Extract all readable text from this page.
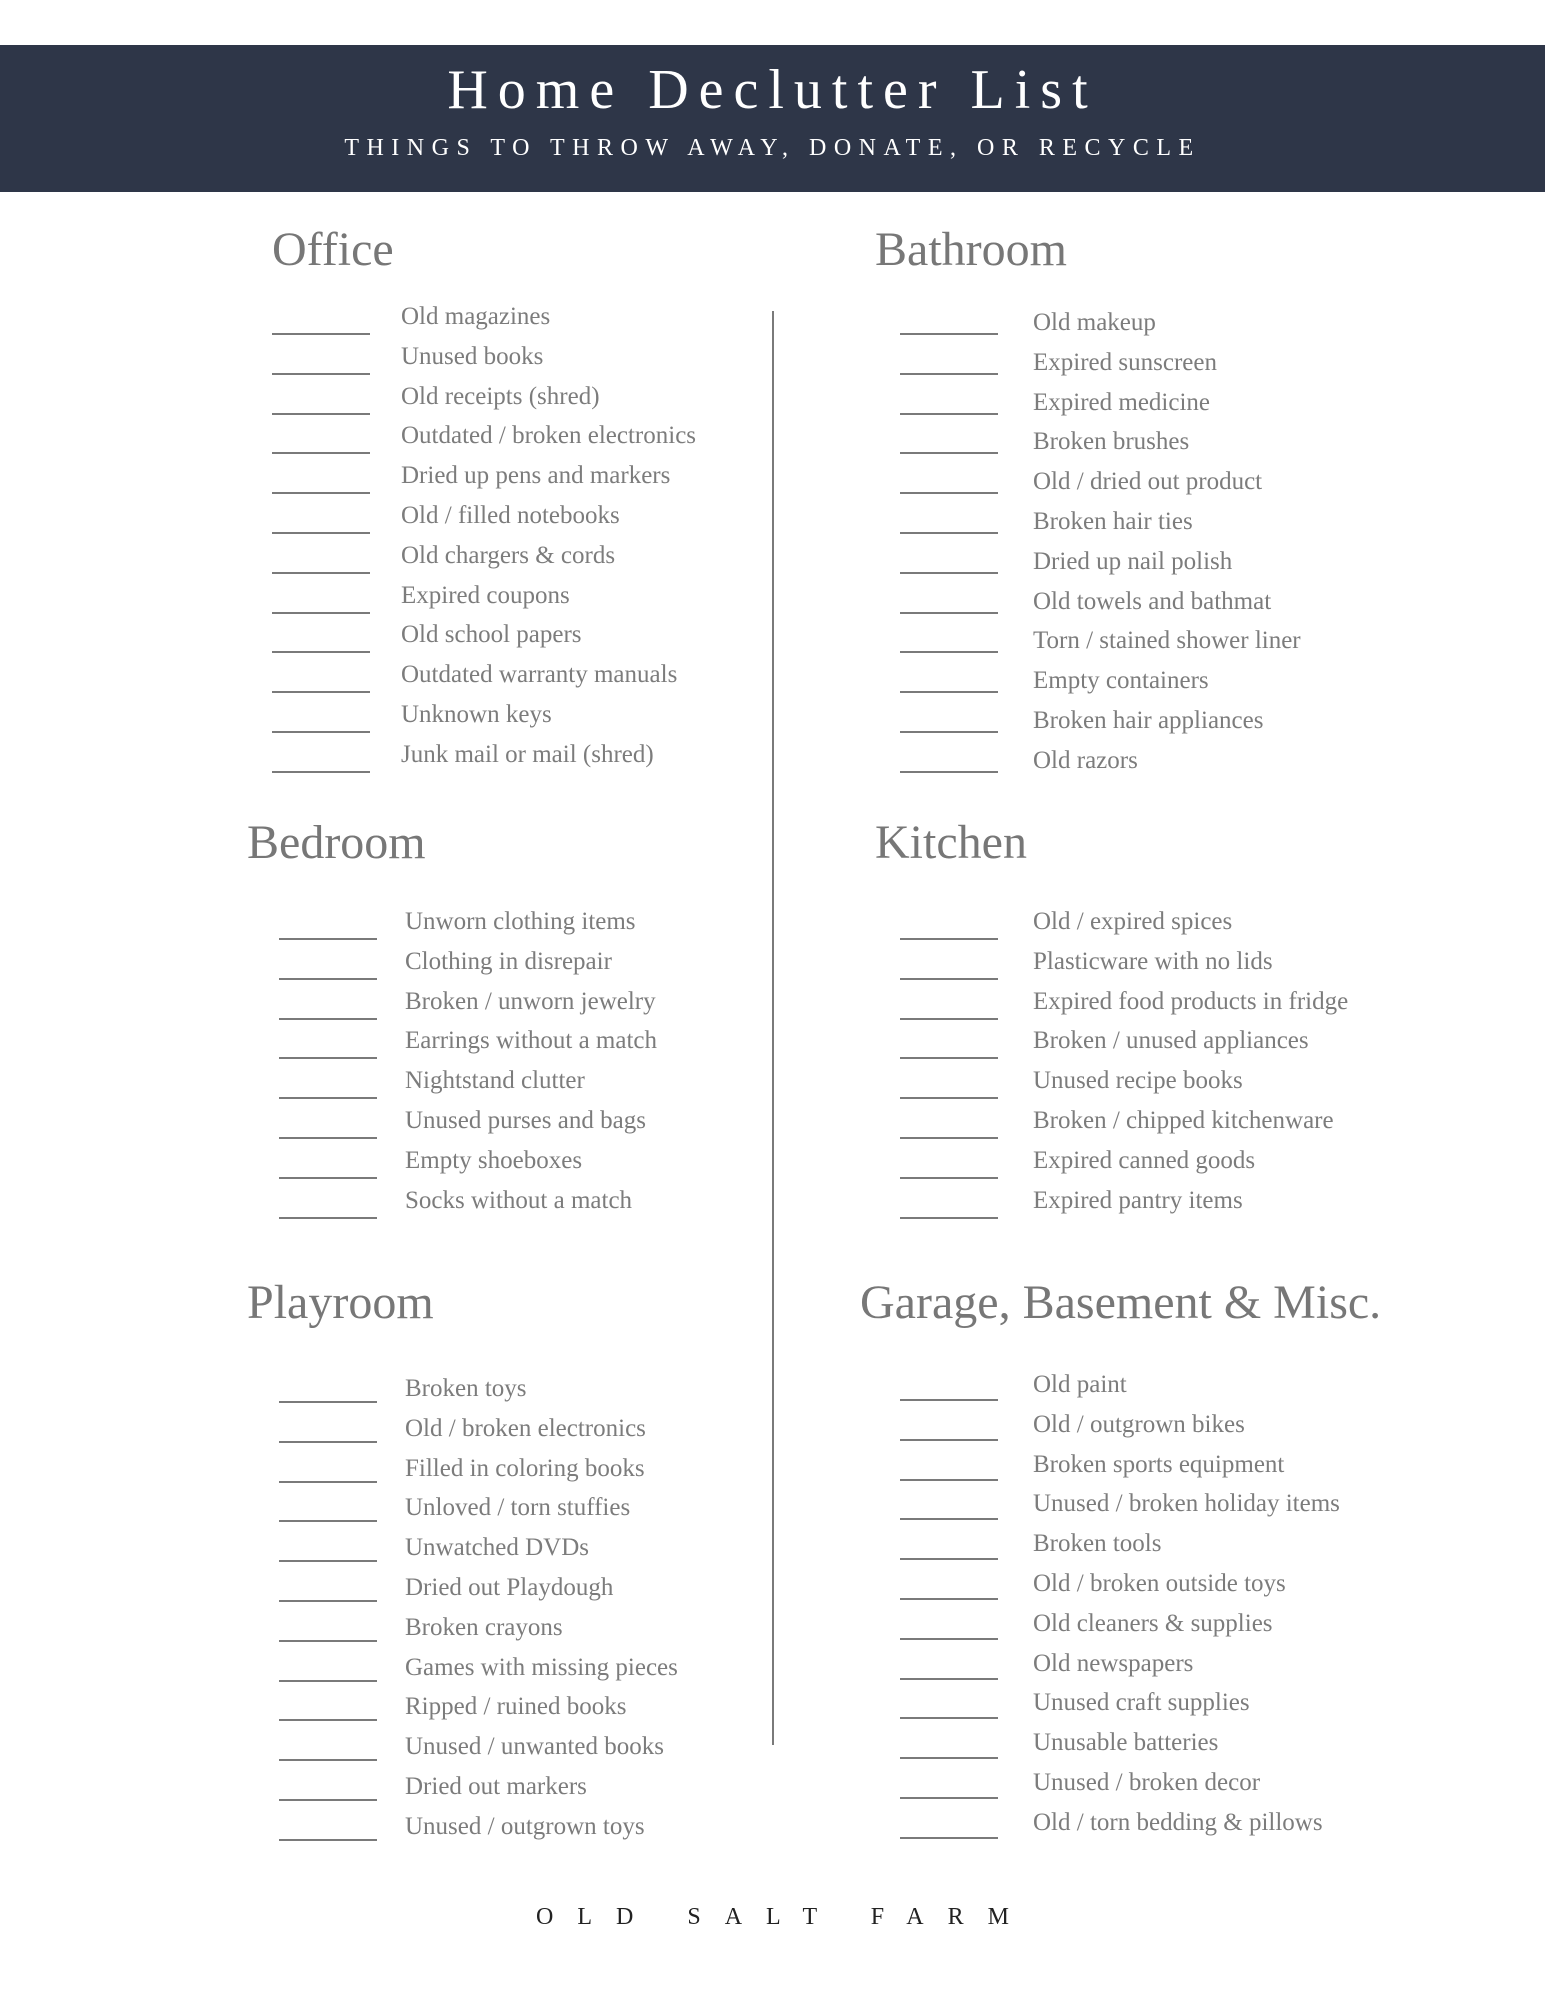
Home Declutter List
THINGS TO THROW AWAY, DONATE, OR RECYCLE
Office
Old magazines
Unused books
Old receipts (shred)
Outdated / broken electronics
Dried up pens and markers
Old / filled notebooks
Old chargers & cords
Expired coupons
Old school papers
Outdated warranty manuals
Unknown keys
Junk mail or mail (shred)
Bathroom
Old makeup
Expired sunscreen
Expired medicine
Broken brushes
Old / dried out product
Broken hair ties
Dried up nail polish
Old towels and bathmat
Torn / stained shower liner
Empty containers
Broken hair appliances
Old razors
Bedroom
Unworn clothing items
Clothing in disrepair
Broken / unworn jewelry
Earrings without a match
Nightstand clutter
Unused purses and bags
Empty shoeboxes
Socks without a match
Kitchen
Old / expired spices
Plasticware with no lids
Expired food products in fridge
Broken / unused appliances
Unused recipe books
Broken / chipped kitchenware
Expired canned goods
Expired pantry items
Playroom
Broken toys
Old / broken electronics
Filled in coloring books
Unloved / torn stuffies
Unwatched DVDs
Dried out Playdough
Broken crayons
Games with missing pieces
Ripped / ruined books
Unused / unwanted books
Dried out markers
Unused / outgrown toys
Garage, Basement & Misc.
Old paint
Old / outgrown bikes
Broken sports equipment
Unused / broken holiday items
Broken tools
Old / broken outside toys
Old cleaners & supplies
Old newspapers
Unused craft supplies
Unusable batteries
Unused / broken decor
Old / torn bedding & pillows
OLD SALT FARM
